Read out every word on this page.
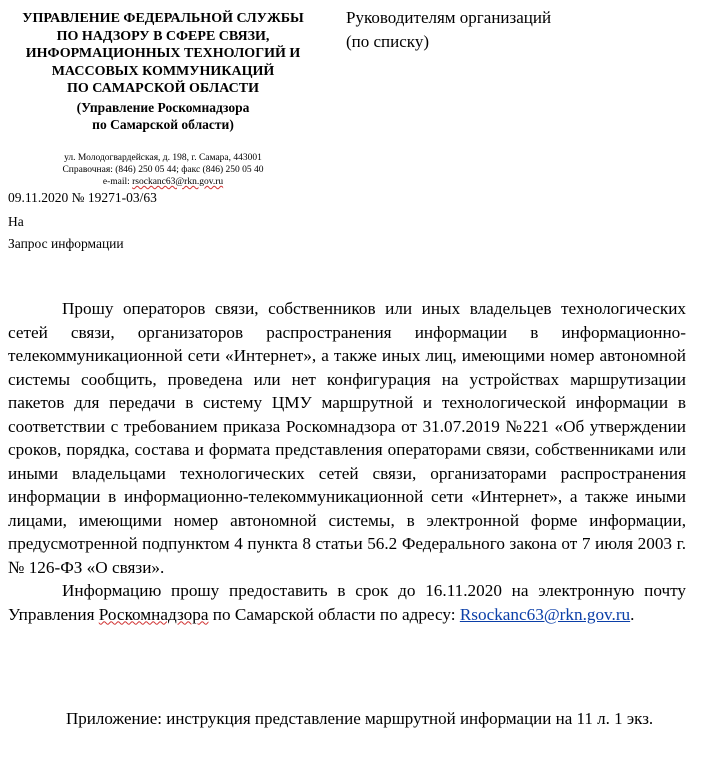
УПРАВЛЕНИЕ ФЕДЕРАЛЬНОЙ СЛУЖБЫ
ПО НАДЗОРУ В СФЕРЕ СВЯЗИ,
ИНФОРМАЦИОННЫХ ТЕХНОЛОГИЙ И
МАССОВЫХ КОММУНИКАЦИЙ
ПО САМАРСКОЙ ОБЛАСТИ
(Управление Роскомнадзора
по Самарской области)
ул. Молодогвардейская, д. 198, г. Самара, 443001
Справочная: (846) 250 05 44; факс (846) 250 05 40
e-mail: rsockanc63@rkn.gov.ru
Руководителям организаций
(по списку)
09.11.2020 № 19271-03/63
На
Запрос информации

Прошу операторов связи, собственников или иных владельцев технологических сетей связи, организаторов распространения информации в информационно-телекоммуникационной сети «Интернет», а также иных лиц, имеющими номер автономной системы сообщить, проведена или нет конфигурация на устройствах маршрутизации пакетов для передачи в систему ЦМУ маршрутной и технологической информации в соответствии с требованием приказа Роскомнадзора от 31.07.2019 №221 «Об утверждении сроков, порядка, состава и формата представления операторами связи, собственниками или иными владельцами технологических сетей связи, организаторами распространения информации в информационно-телекоммуникационной сети «Интернет», а также иными лицами, имеющими номер автономной системы, в электронной форме информации, предусмотренной подпунктом 4 пункта 8 статьи 56.2 Федерального закона от 7 июля 2003 г. № 126-ФЗ «О связи».

Информацию прошу предоставить в срок до 16.11.2020 на электронную почту Управления Роскомнадзора по Самарской области по адресу: Rsockanc63@rkn.gov.ru.

Приложение: инструкция представление маршрутной информации на 11 л. 1 экз.
